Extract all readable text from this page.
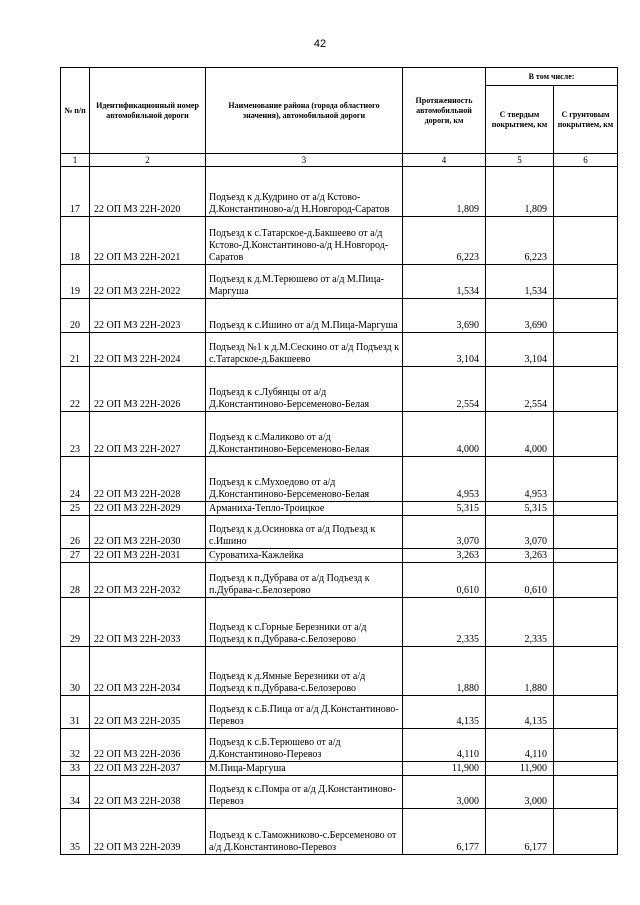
42
№ п/п	Идентификационный номер автомобильной дороги	Наименование района (города областного значения), автомобильной дороги	Протяженность автомобильной дороги, км	В том числе:	
				С твердым покрытием, км	С грунтовым покрытием, км
1	2	3	4	5	6
17	22 ОП МЗ 22Н-2020	Подъезд к д.Кудрино от а/д Кстово-Д.Константиново-а/д Н.Новгород-Саратов	1,809	1,809	
18	22 ОП МЗ 22Н-2021	Подъезд к с.Татарское-д.Бакшеево от а/д Кстово-Д.Константиново-а/д Н.Новгород-Саратов	6,223	6,223	
19	22 ОП МЗ 22Н-2022	Подъезд к д.М.Терюшево от а/д М.Пица-Маргуша	1,534	1,534	
20	22 ОП МЗ 22Н-2023	Подъезд к с.Ишино от а/д М.Пица-Маргуша	3,690	3,690	
21	22 ОП МЗ 22Н-2024	Подъезд №1 к д.М.Сескино от а/д Подъезд к с.Татарское-д.Бакшеево	3,104	3,104	
22	22 ОП МЗ 22Н-2026	Подъезд к с.Лубянцы от а/д Д.Константиново-Берсеменово-Белая	2,554	2,554	
23	22 ОП МЗ 22Н-2027	Подъезд к с.Маликово от а/д Д.Константиново-Берсеменово-Белая	4,000	4,000	
24	22 ОП МЗ 22Н-2028	Подъезд к с.Мухоедово от а/д Д.Константиново-Берсеменово-Белая	4,953	4,953	
25	22 ОП МЗ 22Н-2029	Арманиха-Тепло-Троицкое	5,315	5,315	
26	22 ОП МЗ 22Н-2030	Подъезд к д.Осиновка от а/д Подъезд к с.Ишино	3,070	3,070	
27	22 ОП МЗ 22Н-2031	Суроватиха-Кажлейка	3,263	3,263	
28	22 ОП МЗ 22Н-2032	Подъезд к п.Дубрава от а/д Подъезд к п.Дубрава-с.Белозерово	0,610	0,610	
29	22 ОП МЗ 22Н-2033	Подъезд к с.Горные Березники от а/д Подъезд к п.Дубрава-с.Белозерово	2,335	2,335	
30	22 ОП МЗ 22Н-2034	Подъезд к д.Ямные Березники от а/д Подъезд к п.Дубрава-с.Белозерово	1,880	1,880	
31	22 ОП МЗ 22Н-2035	Подъезд к с.Б.Пица от а/д Д.Константиново-Перевоз	4,135	4,135	
32	22 ОП МЗ 22Н-2036	Подъезд к с.Б.Терюшево от а/д Д.Константиново-Перевоз	4,110	4,110	
33	22 ОП МЗ 22Н-2037	М.Пица-Маргуша	11,900	11,900	
34	22 ОП МЗ 22Н-2038	Подъезд к с.Помра от а/д Д.Константиново-Перевоз	3,000	3,000	
35	22 ОП МЗ 22Н-2039	Подъезд к с.Таможниково-с.Берсеменово от а/д Д.Константиново-Перевоз	6,177	6,177	
